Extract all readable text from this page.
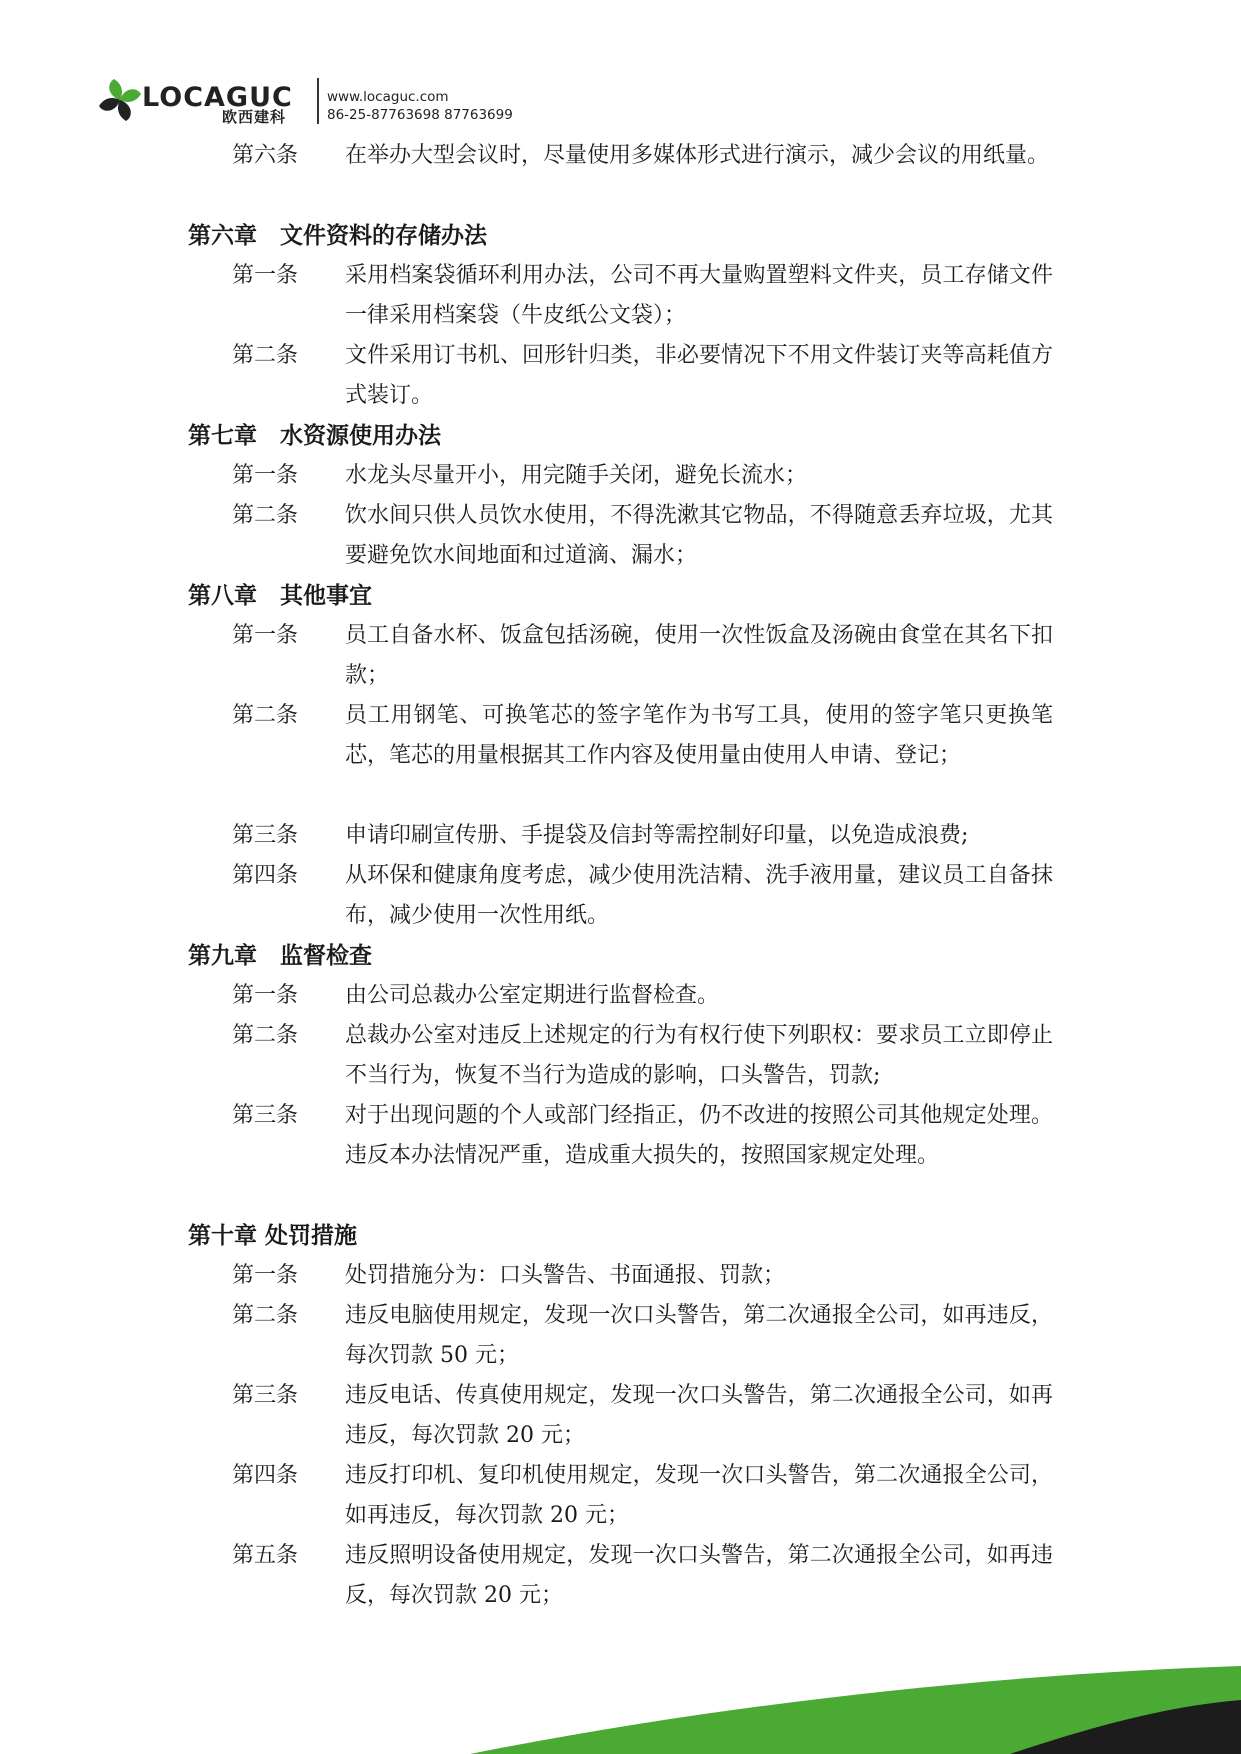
LOCAGUC
欧西建科
www.locaguc.com
86-25-87763698 87763699
第六条 在举办大型会议时，尽量使用多媒体形式进行演示，减少会议的用纸量。
第六章　文件资料的存储办法
第一条 采用档案袋循环利用办法，公司不再大量购置塑料文件夹，员工存储文件一律采用档案袋（牛皮纸公文袋）；
第二条 文件采用订书机、回形针归类，非必要情况下不用文件装订夹等高耗值方式装订。
第七章　水资源使用办法
第一条 水龙头尽量开小，用完随手关闭，避免长流水；
第二条 饮水间只供人员饮水使用，不得洗漱其它物品，不得随意丢弃垃圾，尤其要避免饮水间地面和过道滴、漏水；
第八章　其他事宜
第一条 员工自备水杯、饭盒包括汤碗，使用一次性饭盒及汤碗由食堂在其名下扣款；
第二条 员工用钢笔、可换笔芯的签字笔作为书写工具，使用的签字笔只更换笔芯，笔芯的用量根据其工作内容及使用量由使用人申请、登记；
第三条 申请印刷宣传册、手提袋及信封等需控制好印量，以免造成浪费;
第四条 从环保和健康角度考虑，减少使用洗洁精、洗手液用量，建议员工自备抹布，减少使用一次性用纸。
第九章　监督检查
第一条 由公司总裁办公室定期进行监督检查。
第二条 总裁办公室对违反上述规定的行为有权行使下列职权：要求员工立即停止不当行为，恢复不当行为造成的影响，口头警告，罚款;
第三条 对于出现问题的个人或部门经指正，仍不改进的按照公司其他规定处理。违反本办法情况严重，造成重大损失的，按照国家规定处理。
第十章 处罚措施
第一条 处罚措施分为：口头警告、书面通报、罚款；
第二条 违反电脑使用规定，发现一次口头警告，第二次通报全公司，如再违反，每次罚款 50 元；
第三条 违反电话、传真使用规定，发现一次口头警告，第二次通报全公司，如再违反，每次罚款 20 元；
第四条 违反打印机、复印机使用规定，发现一次口头警告，第二次通报全公司，如再违反，每次罚款 20 元；
第五条 违反照明设备使用规定，发现一次口头警告，第二次通报全公司，如再违反，每次罚款 20 元；
